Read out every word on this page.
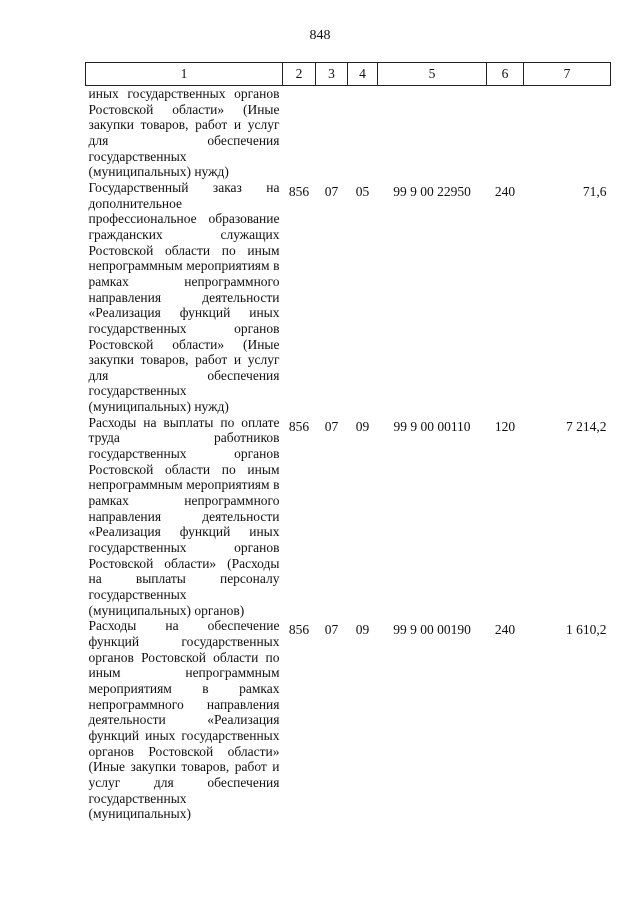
848
1	2	3	4	5	6	7
иных государственных органов Ростовской области» (Иные закупки товаров, работ и услуг для обеспечения государственных (муниципальных) нужд)						
Государственный заказ на дополнительное профессиональное образование гражданских служащих Ростовской области по иным непрограммным мероприятиям в рамках непрограммного направления деятельности «Реализация функций иных государственных органов Ростовской области» (Иные закупки товаров, работ и услуг для обеспечения государственных (муниципальных) нужд)	856	07	05	99 9 00 22950	240	71,6
Расходы на выплаты по оплате труда работников государственных органов Ростовской области по иным непрограммным мероприятиям в рамках непрограммного направления деятельности «Реализация функций иных государственных органов Ростовской области» (Расходы на выплаты персоналу государственных (муниципальных) органов)	856	07	09	99 9 00 00110	120	7 214,2
Расходы на обеспечение функций государственных органов Ростовской области по иным непрограммным мероприятиям в рамках непрограммного направлeния деятельности «Реализация функций иных государственных органов Ростовской области» (Иные закупки товаров, работ и услуг для обеспечения государственных (муниципальных)	856	07	09	99 9 00 00190	240	1 610,2
